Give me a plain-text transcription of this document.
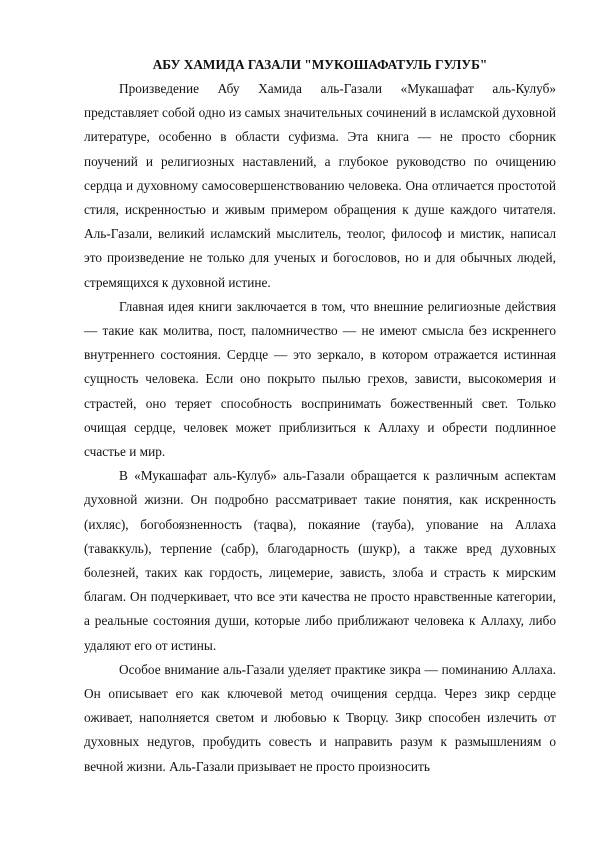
АБУ ХАМИДА ГАЗАЛИ "МУКОШАФАТУЛЬ ГУЛУБ"

Произведение Абу Хамида аль-Газали «Мукашафат аль-Кулуб» представляет собой одно из самых значительных сочинений в исламской духовной литературе, особенно в области суфизма. Эта книга — не просто сборник поучений и религиозных наставлений, а глубокое руководство по очищению сердца и духовному самосовершенствованию человека. Она отличается простотой стиля, искренностью и живым примером обращения к душе каждого читателя. Аль-Газали, великий исламский мыслитель, теолог, философ и мистик, написал это произведение не только для ученых и богословов, но и для обычных людей, стремящихся к духовной истине.

Главная идея книги заключается в том, что внешние религиозные действия — такие как молитва, пост, паломничество — не имеют смысла без искреннего внутреннего состояния. Сердце — это зеркало, в котором отражается истинная сущность человека. Если оно покрыто пылью грехов, зависти, высокомерия и страстей, оно теряет способность воспринимать божественный свет. Только очищая сердце, человек может приблизиться к Аллаху и обрести подлинное счастье и мир.

В «Мукашафат аль-Кулуб» аль-Газали обращается к различным аспектам духовной жизни. Он подробно рассматривает такие понятия, как искренность (ихляс), богобоязненность (таqва), покаяние (тауба), упование на Аллаха (таваккуль), терпение (сабр), благодарность (шукр), а также вред духовных болезней, таких как гордость, лицемерие, зависть, злоба и страсть к мирским благам. Он подчеркивает, что все эти качества не просто нравственные категории, а реальные состояния души, которые либо приближают человека к Аллаху, либо удаляют его от истины.

Особое внимание аль-Газали уделяет практике зикра — поминанию Аллаха. Он описывает его как ключевой метод очищения сердца. Через зикр сердце оживает, наполняется светом и любовью к Творцу. Зикр способен излечить от духовных недугов, пробудить совесть и направить разум к размышлениям о вечной жизни. Аль-Газали призывает не просто произносить
